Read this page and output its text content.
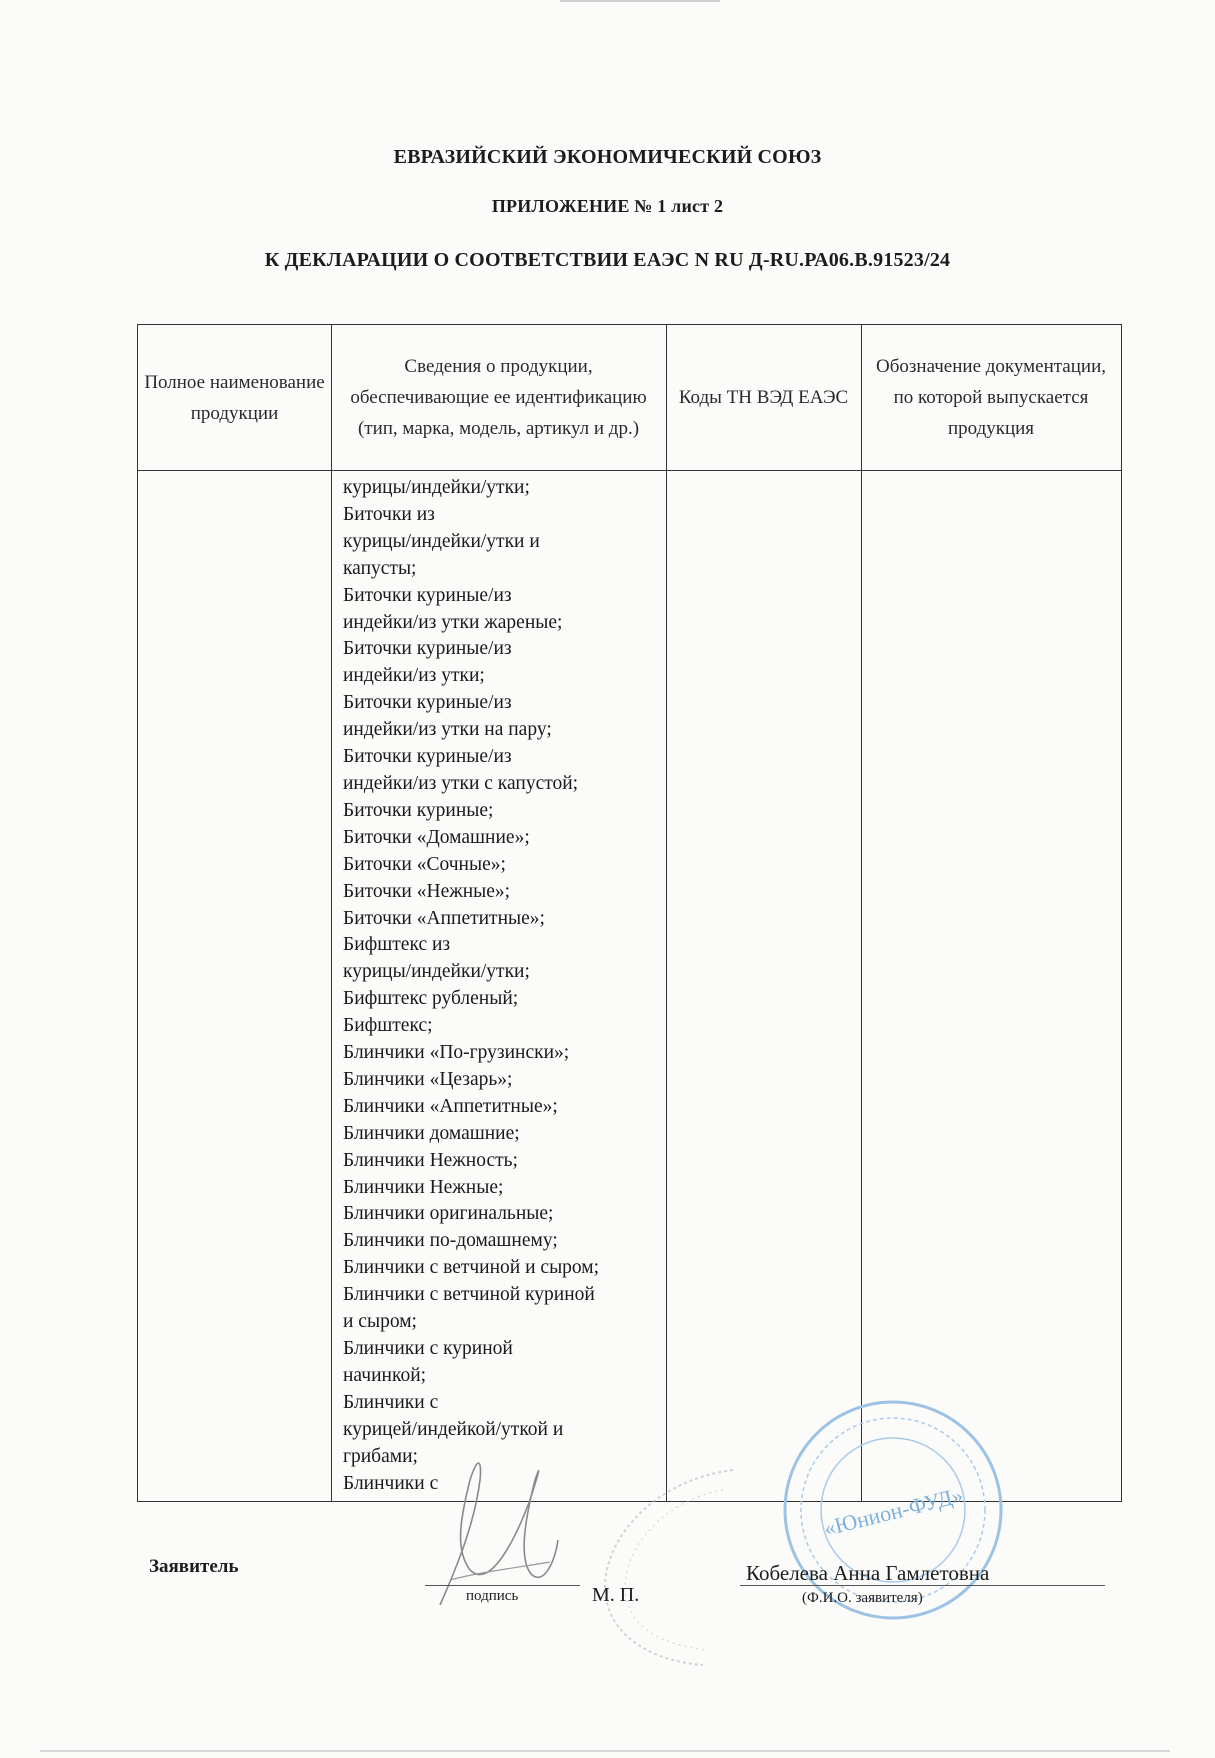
ЕВРАЗИЙСКИЙ ЭКОНОМИЧЕСКИЙ СОЮЗ
ПРИЛОЖЕНИЕ № 1 лист 2
К ДЕКЛАРАЦИИ О СООТВЕТСТВИИ ЕАЭС N RU Д-RU.РА06.В.91523/24
Полное наименование продукции
Сведения о продукции, обеспечивающие ее идентификацию (тип, марка, модель, артикул и др.)
Коды ТН ВЭД ЕАЭС
Обозначение документации, по которой выпускается продукция
курицы/индейки/утки;
Биточки из
курицы/индейки/утки и
капусты;
Биточки куриные/из
индейки/из утки жареные;
Биточки куриные/из
индейки/из утки;
Биточки куриные/из
индейки/из утки на пару;
Биточки куриные/из
индейки/из утки с капустой;
Биточки куриные;
Биточки «Домашние»;
Биточки «Сочные»;
Биточки «Нежные»;
Биточки «Аппетитные»;
Бифштекс из
курицы/индейки/утки;
Бифштекс рубленый;
Бифштекс;
Блинчики «По-грузински»;
Блинчики «Цезарь»;
Блинчики «Аппетитные»;
Блинчики домашние;
Блинчики Нежность;
Блинчики Нежные;
Блинчики оригинальные;
Блинчики по-домашнему;
Блинчики с ветчиной и сыром;
Блинчики с ветчиной куриной
и сыром;
Блинчики с куриной
начинкой;
Блинчики с
курицей/индейкой/уткой и
грибами;
Блинчики с	«Юнион-ФУД»
Заявитель
подпись	М. П.
Кобелева Анна Гамлетовна
(Ф.И.О. заявителя)
